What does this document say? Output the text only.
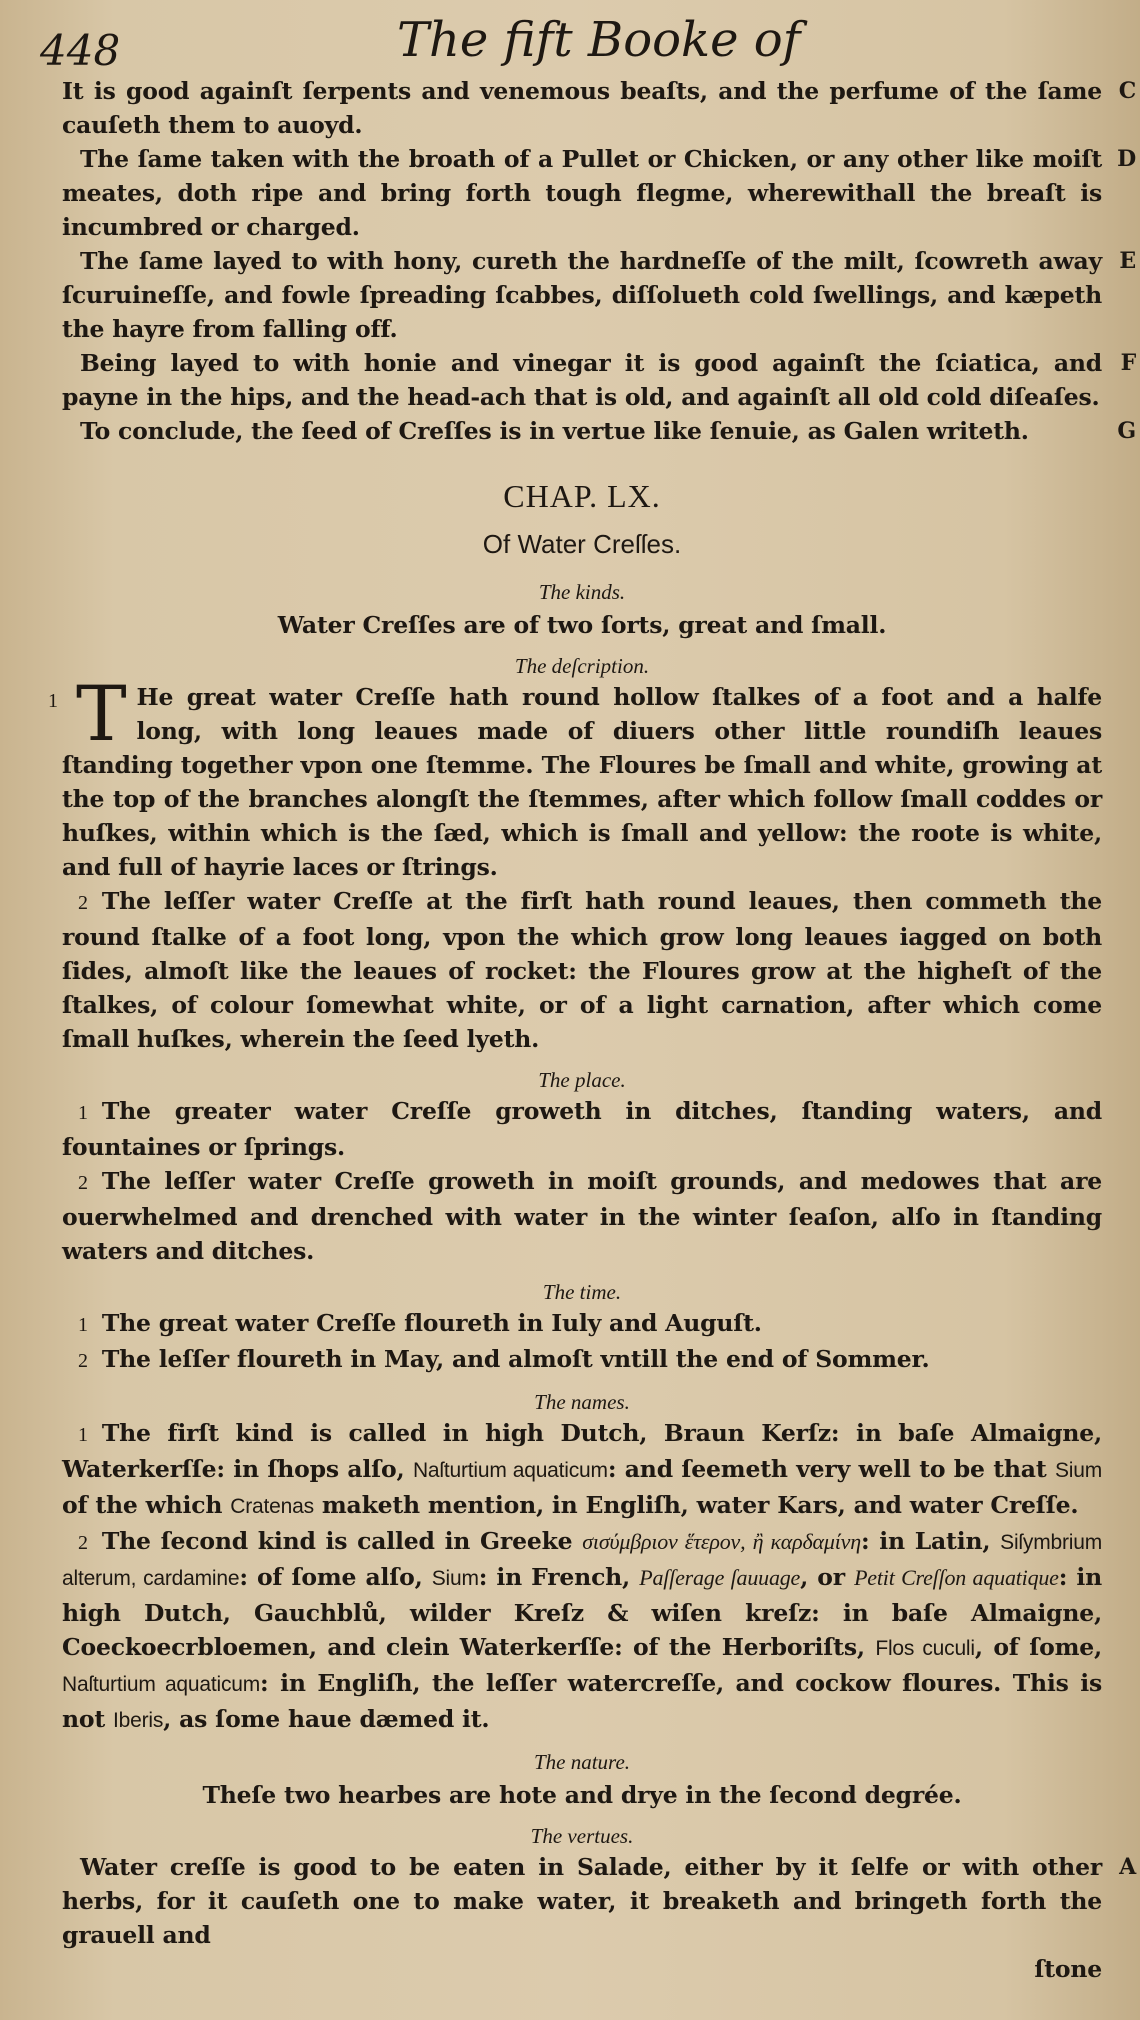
448	The fift Booke of

It is good againſt ſerpents and venemous beaſts, and the perfume of the ſame cauſeth them to auoyd.
C

The ſame taken with the broath of a Pullet or Chicken, or any other like moiſt meates, doth ripe and bring forth tough flegme, wherewithall the breaſt is incumbred or charged.
D

The ſame layed to with hony, cureth the hardneſſe of the milt, ſcowreth away ſcuruineſſe, and fowle ſpreading ſcabbes, diſſolueth cold ſwellings, and kæpeth the hayre from falling off.
E

Being layed to with honie and vinegar it is good againſt the ſciatica, and payne in the hips, and the head-ach that is old, and againſt all old cold diſeaſes.
F

To conclude, the ſeed of Creſſes is in vertue like ſenuie, as Galen writeth.	G

CHAP. LX.
Of Water Creſſes.
The kinds.

Water Creſſes are of two ſorts, great and ſmall.

The deſcription.

1 T He great water Creſſe hath round hollow ſtalkes of a foot and a halfe long, with long leaues made of diuers other little roundiſh leaues ſtanding together vpon one ſtemme. The Floures be ſmall and white, growing at the top of the branches alongſt the ſtemmes, after which follow ſmall coddes or huſkes, within which is the ſæd, which is ſmall and yellow: the roote is white, and full of hayrie laces or ſtrings.

2 The leſſer water Creſſe at the firſt hath round leaues, then commeth the round ſtalke of a foot long, vpon the which grow long leaues iagged on both ſides, almoſt like the leaues of rocket: the Floures grow at the higheſt of the ſtalkes, of colour ſomewhat white, or of a light carnation, after which come ſmall huſkes, wherein the ſeed lyeth.

The place.

1 The greater water Creſſe groweth in ditches, ſtanding waters, and fountaines or ſprings.

2 The leſſer water Creſſe groweth in moiſt grounds, and medowes that are ouerwhelmed and drenched with water in the winter ſeaſon, alſo in ſtanding waters and ditches.

The time.

1 The great water Creſſe floureth in Iuly and Auguſt.

2 The leſſer floureth in May, and almoſt vntill the end of Sommer.

The names.

1 The firſt kind is called in high Dutch, Braun Kerſz: in baſe Almaigne, Waterkerſſe: in ſhops alſo, Naſturtium aquaticum: and ſeemeth very well to be that Sium of the which Cratenas maketh mention, in Engliſh, water Kars, and water Creſſe.

2 The ſecond kind is called in Greeke σισύμβριον ἕτερον, ἢ καρδαμίνη: in Latin, Siſymbrium alterum, cardamine: of ſome alſo, Sium: in French, Paſſerage ſauuage, or Petit Creſſon aquatique: in high Dutch, Gauchblů, wilder Kreſz & wiſen kreſz: in baſe Almaigne, Coeckoecrbloemen, and clein Waterkerſſe: of the Herboriſts, Flos cuculi, of ſome, Naſturtium aquaticum: in Engliſh, the leſſer watercreſſe, and cockow floures. This is not Iberis, as ſome haue dæmed it.

The nature.

Theſe two hearbes are hote and drye in the ſecond degrée.

The vertues.

Water creſſe is good to be eaten in Salade, either by it ſelfe or with other herbs, for it cauſeth one to make water, it breaketh and bringeth forth the grauell and
A

ſtone
